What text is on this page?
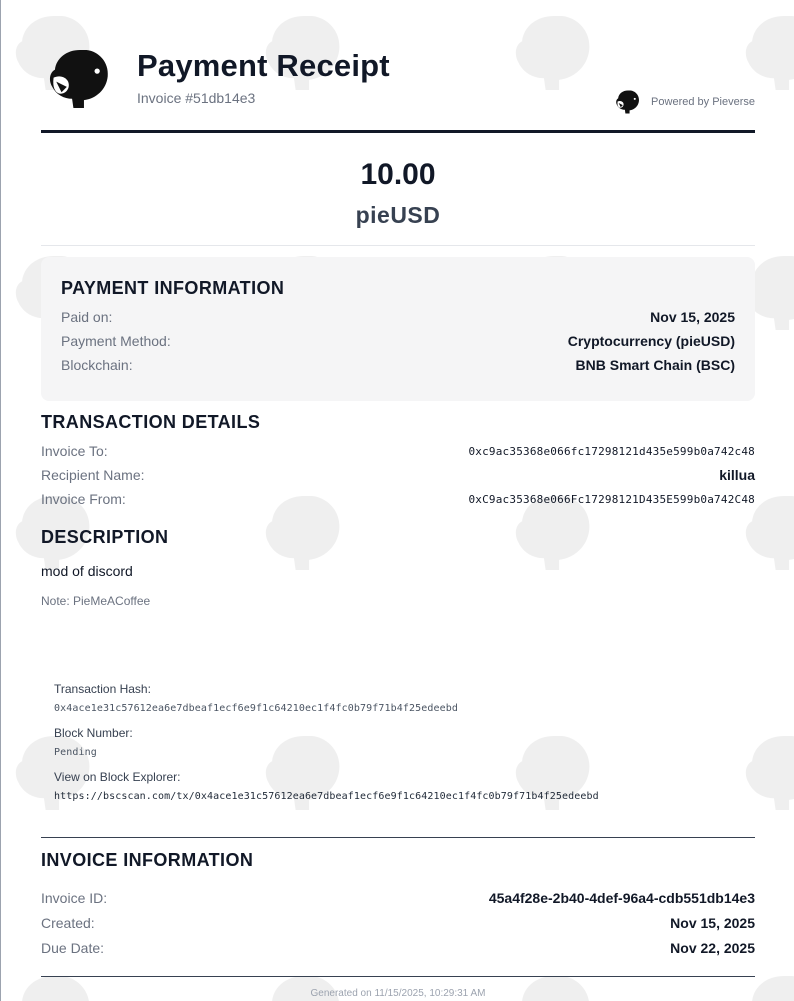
Payment Receipt
Invoice #51db14e3	Powered by Pieverse
10.00
pieUSD
PAYMENT INFORMATION
Paid on:	Nov 15, 2025
Payment Method:	Cryptocurrency (pieUSD)
Blockchain:	BNB Smart Chain (BSC)
TRANSACTION DETAILS
Invoice To:	0xc9ac35368e066fc17298121d435e599b0a742c48
Recipient Name:	killua
Invoice From:	0xC9ac35368e066Fc17298121D435E599b0a742C48
DESCRIPTION
mod of discord
Note: PieMeACoffee
Transaction Hash:
0x4ace1e31c57612ea6e7dbeaf1ecf6e9f1c64210ec1f4fc0b79f71b4f25edeebd
Block Number:
Pending
View on Block Explorer:
https://bscscan.com/tx/0x4ace1e31c57612ea6e7dbeaf1ecf6e9f1c64210ec1f4fc0b79f71b4f25edeebd
INVOICE INFORMATION
Invoice ID:	45a4f28e-2b40-4def-96a4-cdb551db14e3
Created:	Nov 15, 2025
Due Date:	Nov 22, 2025
Generated on 11/15/2025, 10:29:31 AM
